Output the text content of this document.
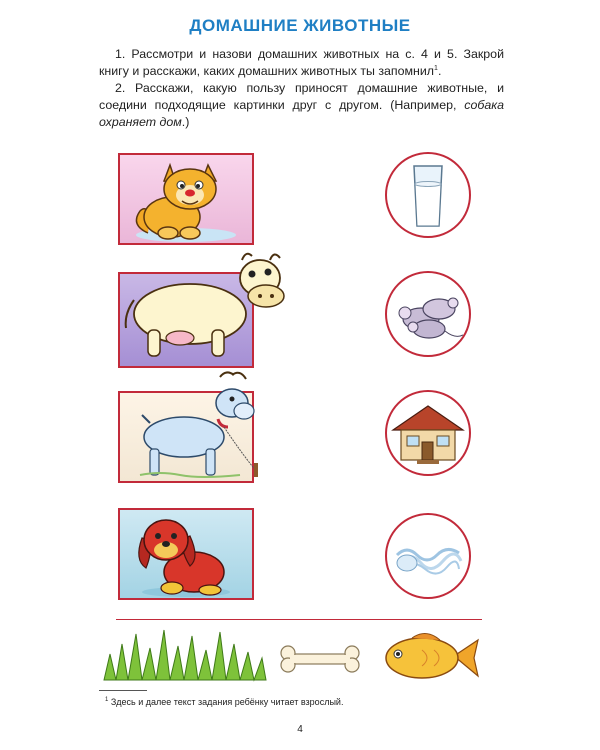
ДОМАШНИЕ ЖИВОТНЫЕ
1. Рассмотри и назови домашних животных на с. 4 и 5. Закрой книгу и расскажи, каких домашних животных ты запомнил$^1$.
2. Расскажи, какую пользу приносят домашние животные, и соедини подходящие картинки друг с другом. (Например, собака охраняет дом.)
$^1$ Здесь и далее текст задания ребёнку читает взрослый.
4
